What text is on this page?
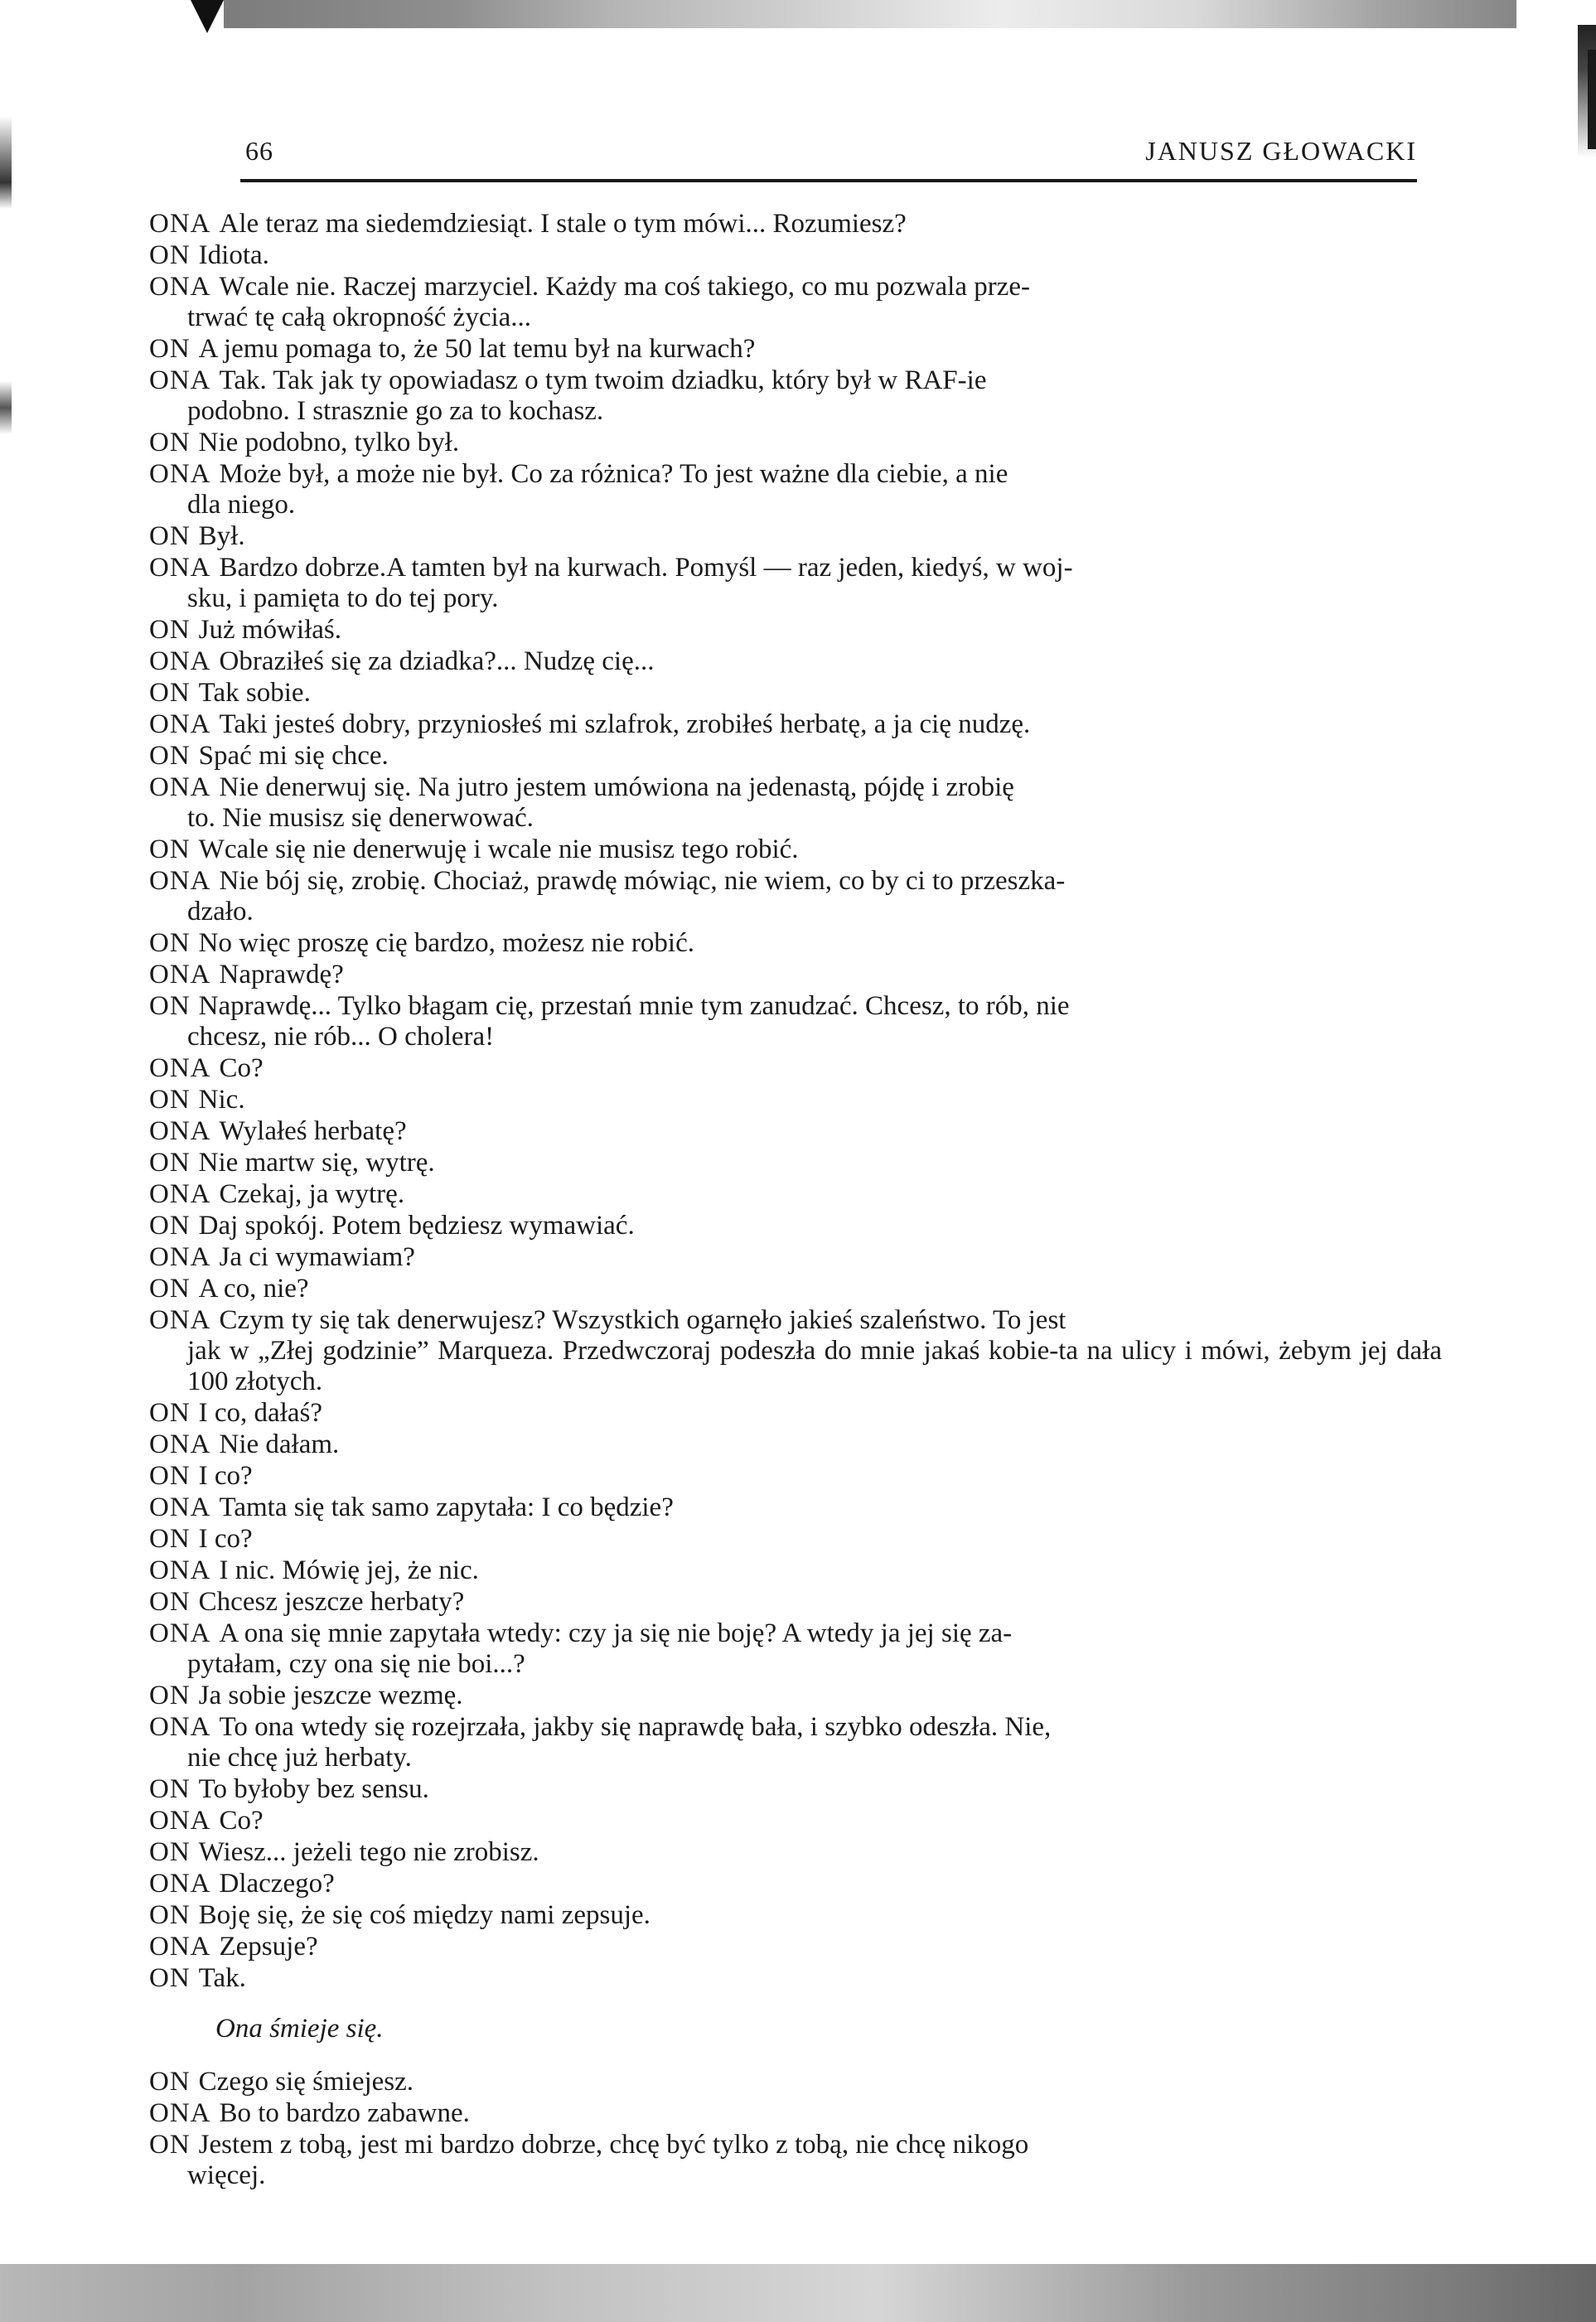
66	JANUSZ GŁOWACKI
ONA Ale teraz ma siedemdziesiąt. I stale o tym mówi... Rozumiesz?
ON Idiota.
ONA Wcale nie. Raczej marzyciel. Każdy ma coś takiego, co mu pozwala prze-
trwać tę całą okropność życia...
ON A jemu pomaga to, że 50 lat temu był na kurwach?
ONA Tak. Tak jak ty opowiadasz o tym twoim dziadku, który był w RAF-ie
podobno. I strasznie go za to kochasz.
ON Nie podobno, tylko był.
ONA Może był, a może nie był. Co za różnica? To jest ważne dla ciebie, a nie
dla niego.
ON Był.
ONA Bardzo dobrze.A tamten był na kurwach. Pomyśl — raz jeden, kiedyś, w woj-
sku, i pamięta to do tej pory.
ON Już mówiłaś.
ONA Obraziłeś się za dziadka?... Nudzę cię...
ON Tak sobie.
ONA Taki jesteś dobry, przyniosłeś mi szlafrok, zrobiłeś herbatę, a ja cię nudzę.
ON Spać mi się chce.
ONA Nie denerwuj się. Na jutro jestem umówiona na jedenastą, pójdę i zrobię
to. Nie musisz się denerwować.
ON Wcale się nie denerwuję i wcale nie musisz tego robić.
ONA Nie bój się, zrobię. Chociaż, prawdę mówiąc, nie wiem, co by ci to przeszka-
dzało.
ON No więc proszę cię bardzo, możesz nie robić.
ONA Naprawdę?
ON Naprawdę... Tylko błagam cię, przestań mnie tym zanudzać. Chcesz, to rób, nie
chcesz, nie rób... O cholera!
ONA Co?
ON Nic.
ONA Wylałeś herbatę?
ON Nie martw się, wytrę.
ONA Czekaj, ja wytrę.
ON Daj spokój. Potem będziesz wymawiać.
ONA Ja ci wymawiam?
ON A co, nie?
ONA Czym ty się tak denerwujesz? Wszystkich ogarnęło jakieś szaleństwo. To jest
jak w „Złej godzinie” Marqueza. Przedwczoraj podeszła do mnie jakaś kobie-ta na ulicy i mówi, żebym jej dała 100 złotych.
ON I co, dałaś?
ONA Nie dałam.
ON I co?
ONA Tamta się tak samo zapytała: I co będzie?
ON I co?
ONA I nic. Mówię jej, że nic.
ON Chcesz jeszcze herbaty?
ONA A ona się mnie zapytała wtedy: czy ja się nie boję? A wtedy ja jej się za-
pytałam, czy ona się nie boi...?
ON Ja sobie jeszcze wezmę.
ONA To ona wtedy się rozejrzała, jakby się naprawdę bała, i szybko odeszła. Nie,
nie chcę już herbaty.
ON To byłoby bez sensu.
ONA Co?
ON Wiesz... jeżeli tego nie zrobisz.
ONA Dlaczego?
ON Boję się, że się coś między nami zepsuje.
ONA Zepsuje?
ON Tak.
Ona śmieje się.
ON Czego się śmiejesz.
ONA Bo to bardzo zabawne.
ON Jestem z tobą, jest mi bardzo dobrze, chcę być tylko z tobą, nie chcę nikogo
więcej.
